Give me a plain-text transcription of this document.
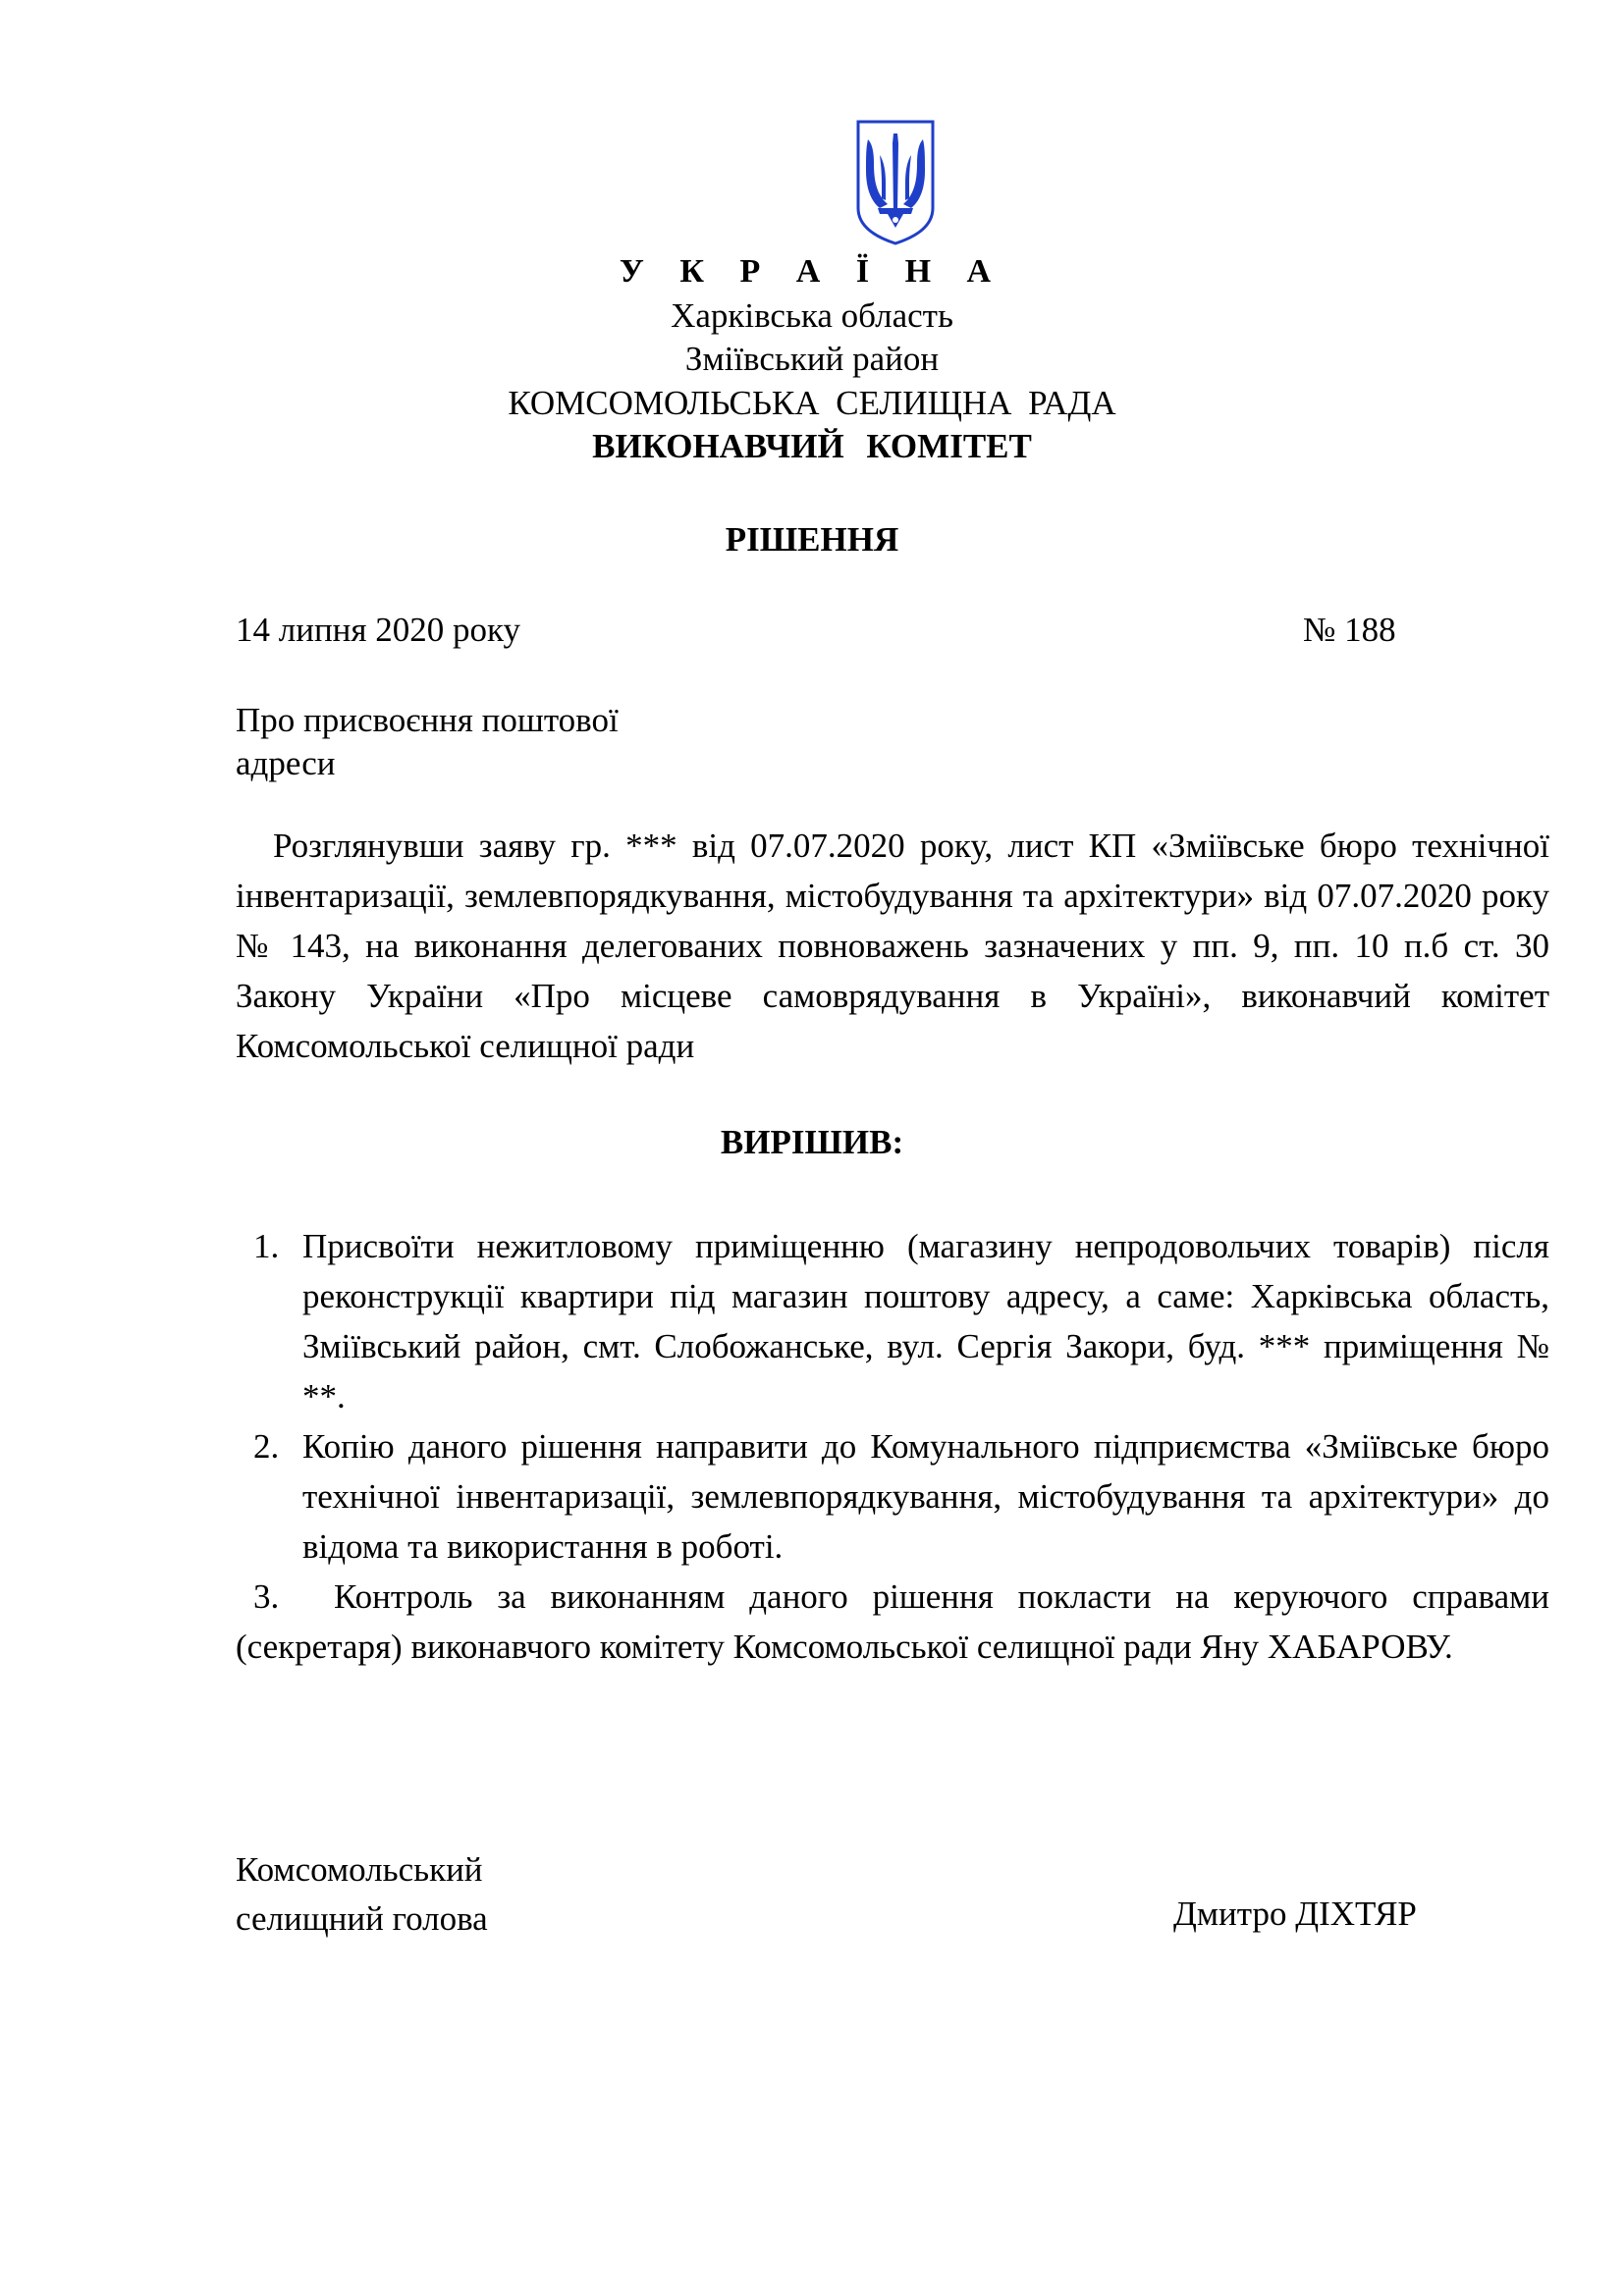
У К Р А Ї Н А
Харківська область
Зміївський район
КОМСОМОЛЬСЬКА СЕЛИЩНА РАДА
ВИКОНАВЧИЙ КОМІТЕТ
РІШЕННЯ
14 липня 2020 року	№ 188
Про присвоєння поштової
адреси
Розглянувши заяву гр. *** від 07.07.2020 року, лист КП «Зміївське бюро технічної інвентаризації, землевпорядкування, містобудування та архітектури» від 07.07.2020 року № 143, на виконання делегованих повноважень зазначених у пп. 9, пп. 10 п.б ст. 30 Закону України «Про місцеве самоврядування в Україні», виконавчий комітет Комсомольської селищної ради
ВИРІШИВ:
1. Присвоїти нежитловому приміщенню (магазину непродовольчих товарів) після реконструкції квартири під магазин поштову адресу, а саме: Харківська область, Зміївський район, смт. Слобожанське, вул. Сергія Закори, буд. *** приміщення № **.
2. Копію даного рішення направити до Комунального підприємства «Зміївське бюро технічної інвентаризації, землевпорядкування, містобудування та архітектури» до відома та використання в роботі.
3. Контроль за виконанням даного рішення покласти на керуючого справами (секретаря) виконавчого комітету Комсомольської селищної ради Яну ХАБАРОВУ.
Комсомольський
селищний голова	Дмитро ДІХТЯР
